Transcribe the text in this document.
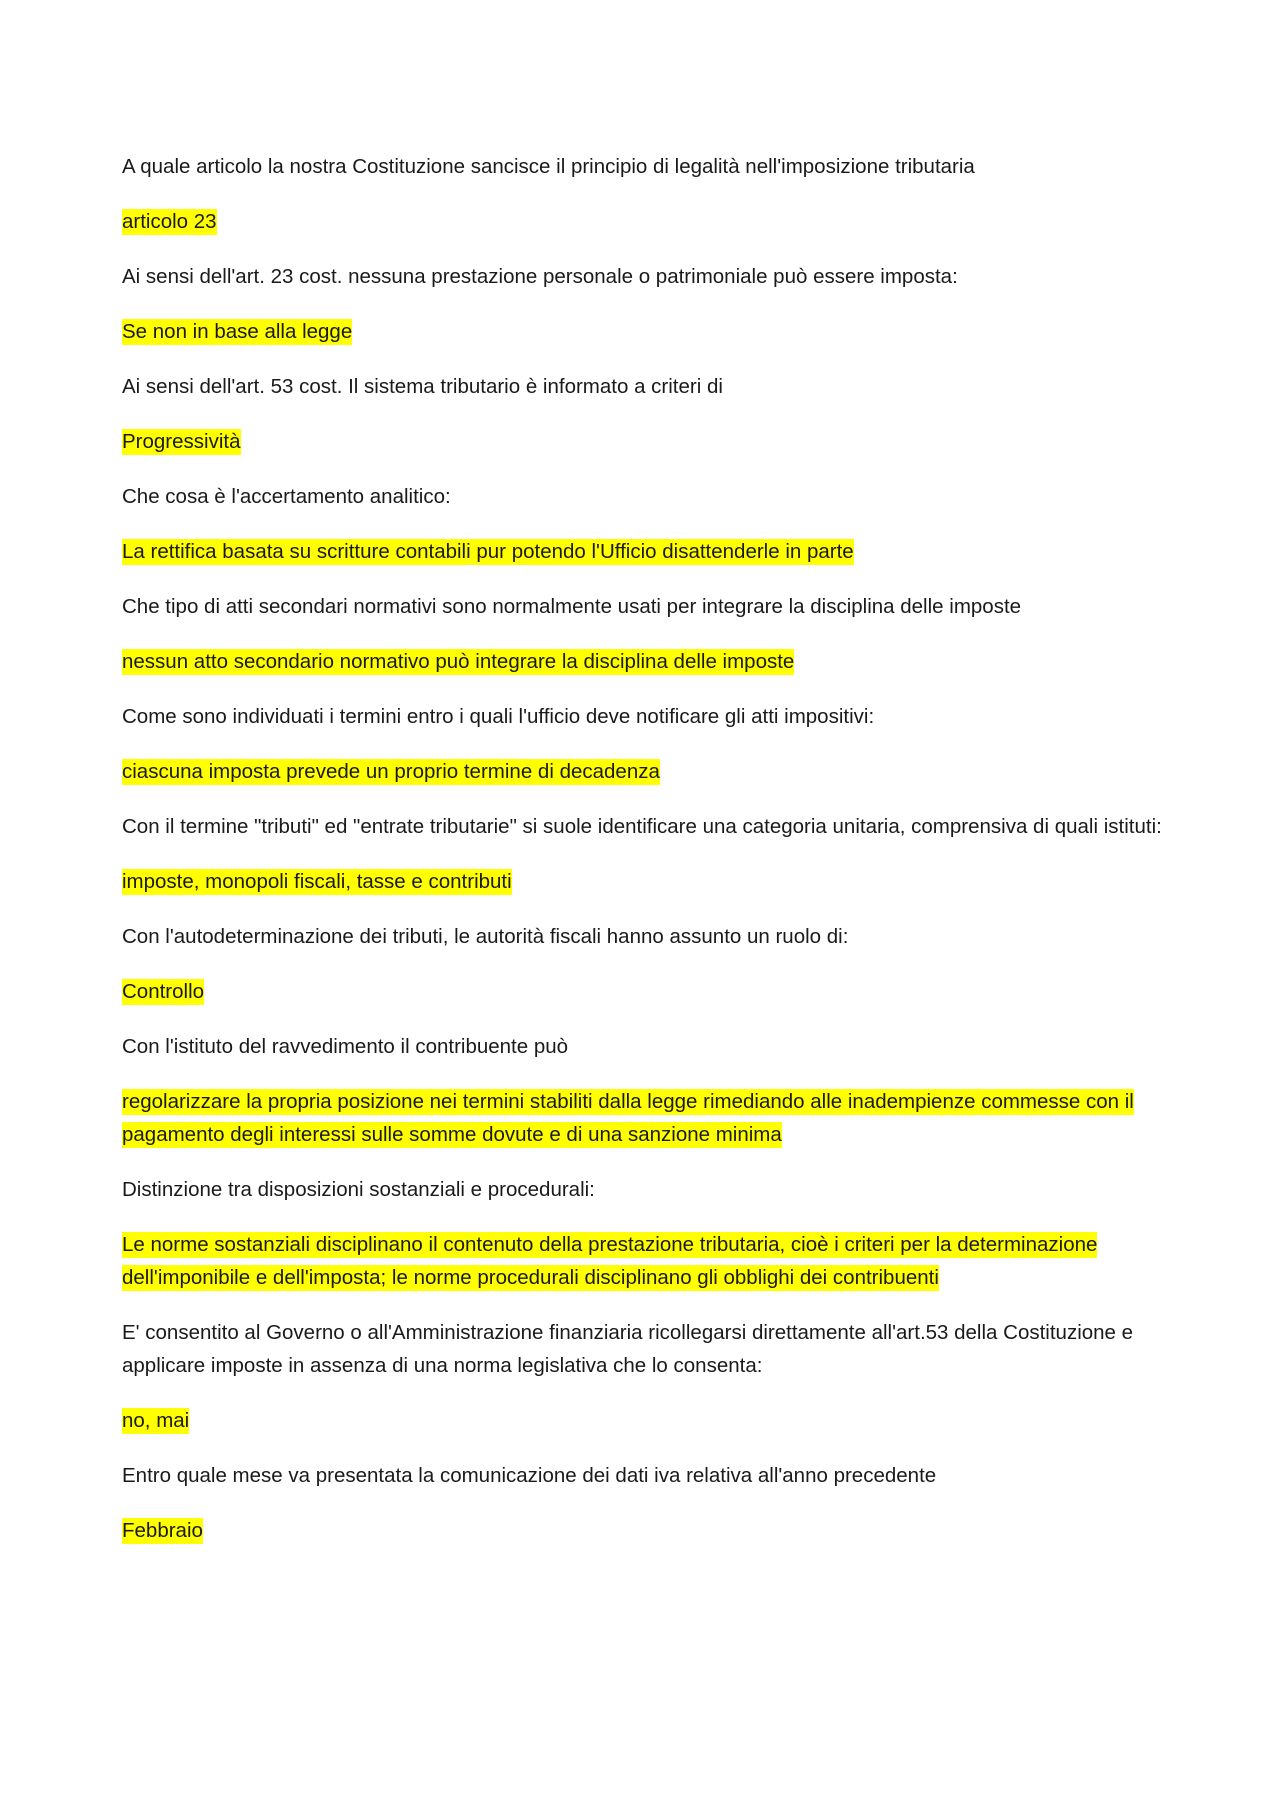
A quale articolo la nostra Costituzione sancisce il principio di legalità nell'imposizione tributaria

articolo 23

Ai sensi dell'art. 23 cost. nessuna prestazione personale o patrimoniale può essere imposta:

Se non in base alla legge

Ai sensi dell'art. 53 cost. Il sistema tributario è informato a criteri di

Progressività

Che cosa è l'accertamento analitico:

La rettifica basata su scritture contabili pur potendo l'Ufficio disattenderle in parte

Che tipo di atti secondari normativi sono normalmente usati per integrare la disciplina delle imposte

nessun atto secondario normativo può integrare la disciplina delle imposte

Come sono individuati i termini entro i quali l'ufficio deve notificare gli atti impositivi:

ciascuna imposta prevede un proprio termine di decadenza

Con il termine "tributi" ed "entrate tributarie" si suole identificare una categoria unitaria, comprensiva di quali istituti:

imposte, monopoli fiscali, tasse e contributi

Con l'autodeterminazione dei tributi, le autorità fiscali hanno assunto un ruolo di:

Controllo

Con l'istituto del ravvedimento il contribuente può

regolarizzare la propria posizione nei termini stabiliti dalla legge rimediando alle inadempienze commesse con il pagamento degli interessi sulle somme dovute e di una sanzione minima

Distinzione tra disposizioni sostanziali e procedurali:

Le norme sostanziali disciplinano il contenuto della prestazione tributaria, cioè i criteri per la determinazione dell'imponibile e dell'imposta; le norme procedurali disciplinano gli obblighi dei contribuenti

E' consentito al Governo o all'Amministrazione finanziaria ricollegarsi direttamente all'art.53 della Costituzione e applicare imposte in assenza di una norma legislativa che lo consenta:

no, mai

Entro quale mese va presentata la comunicazione dei dati iva relativa all'anno precedente

Febbraio
